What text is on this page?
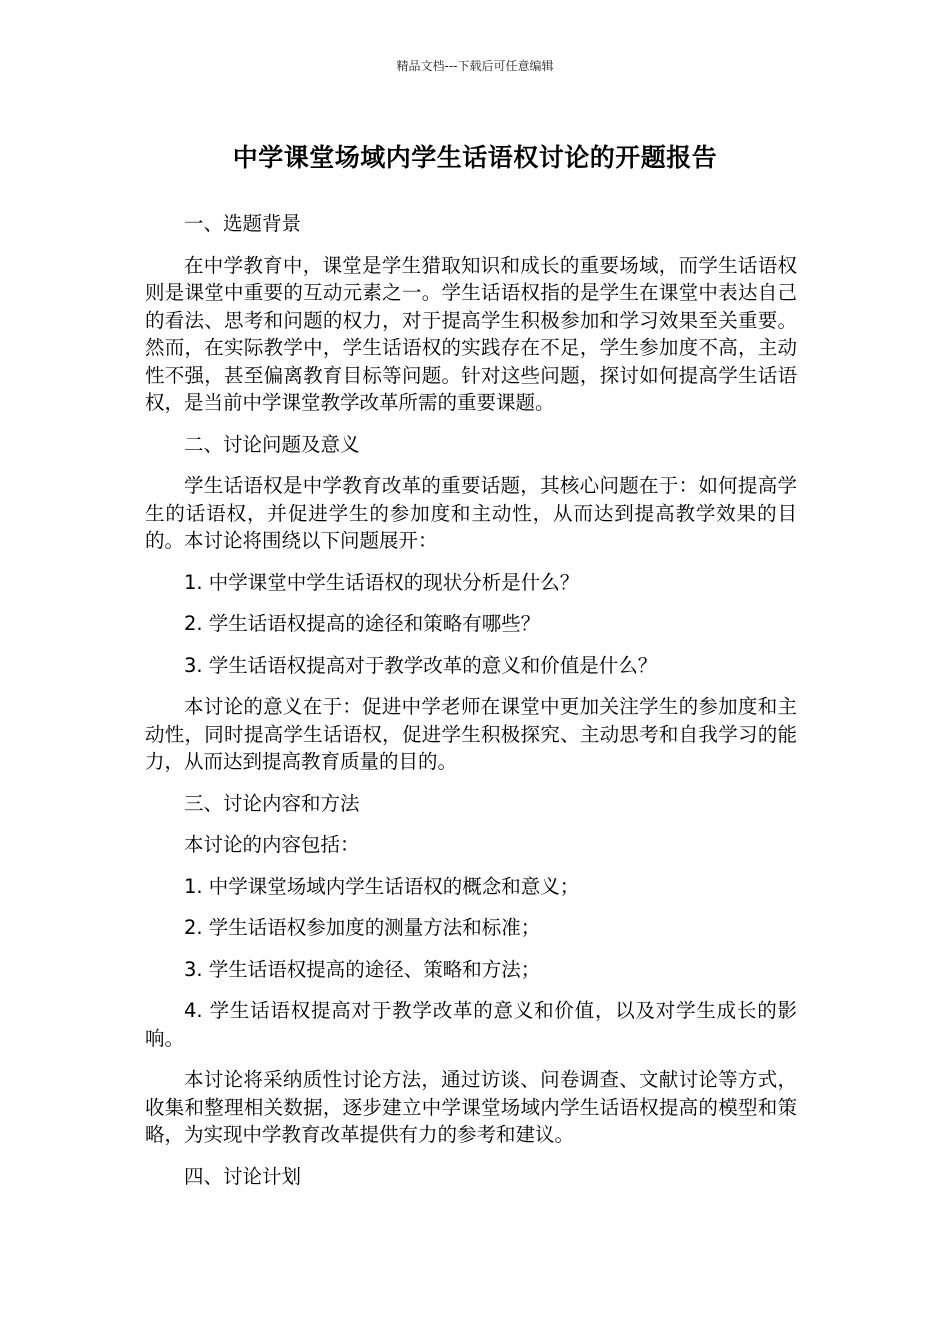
精品文档---下载后可任意编辑
中学课堂场域内学生话语权讨论的开题报告

一、选题背景

在中学教育中，课堂是学生猎取知识和成长的重要场域，而学生话语权则是课堂中重要的互动元素之一。学生话语权指的是学生在课堂中表达自己的看法、思考和问题的权力，对于提高学生积极参加和学习效果至关重要。然而，在实际教学中，学生话语权的实践存在不足，学生参加度不高，主动性不强，甚至偏离教育目标等问题。针对这些问题，探讨如何提高学生话语权，是当前中学课堂教学改革所需的重要课题。

二、讨论问题及意义

学生话语权是中学教育改革的重要话题，其核心问题在于：如何提高学生的话语权，并促进学生的参加度和主动性，从而达到提高教学效果的目的。本讨论将围绕以下问题展开：

1. 中学课堂中学生话语权的现状分析是什么？

2. 学生话语权提高的途径和策略有哪些？

3. 学生话语权提高对于教学改革的意义和价值是什么？

本讨论的意义在于：促进中学老师在课堂中更加关注学生的参加度和主动性，同时提高学生话语权，促进学生积极探究、主动思考和自我学习的能力，从而达到提高教育质量的目的。

三、讨论内容和方法

本讨论的内容包括：

1. 中学课堂场域内学生话语权的概念和意义；

2. 学生话语权参加度的测量方法和标准；

3. 学生话语权提高的途径、策略和方法；

4. 学生话语权提高对于教学改革的意义和价值，以及对学生成长的影响。

本讨论将采纳质性讨论方法，通过访谈、问卷调查、文献讨论等方式，收集和整理相关数据，逐步建立中学课堂场域内学生话语权提高的模型和策略，为实现中学教育改革提供有力的参考和建议。

四、讨论计划
